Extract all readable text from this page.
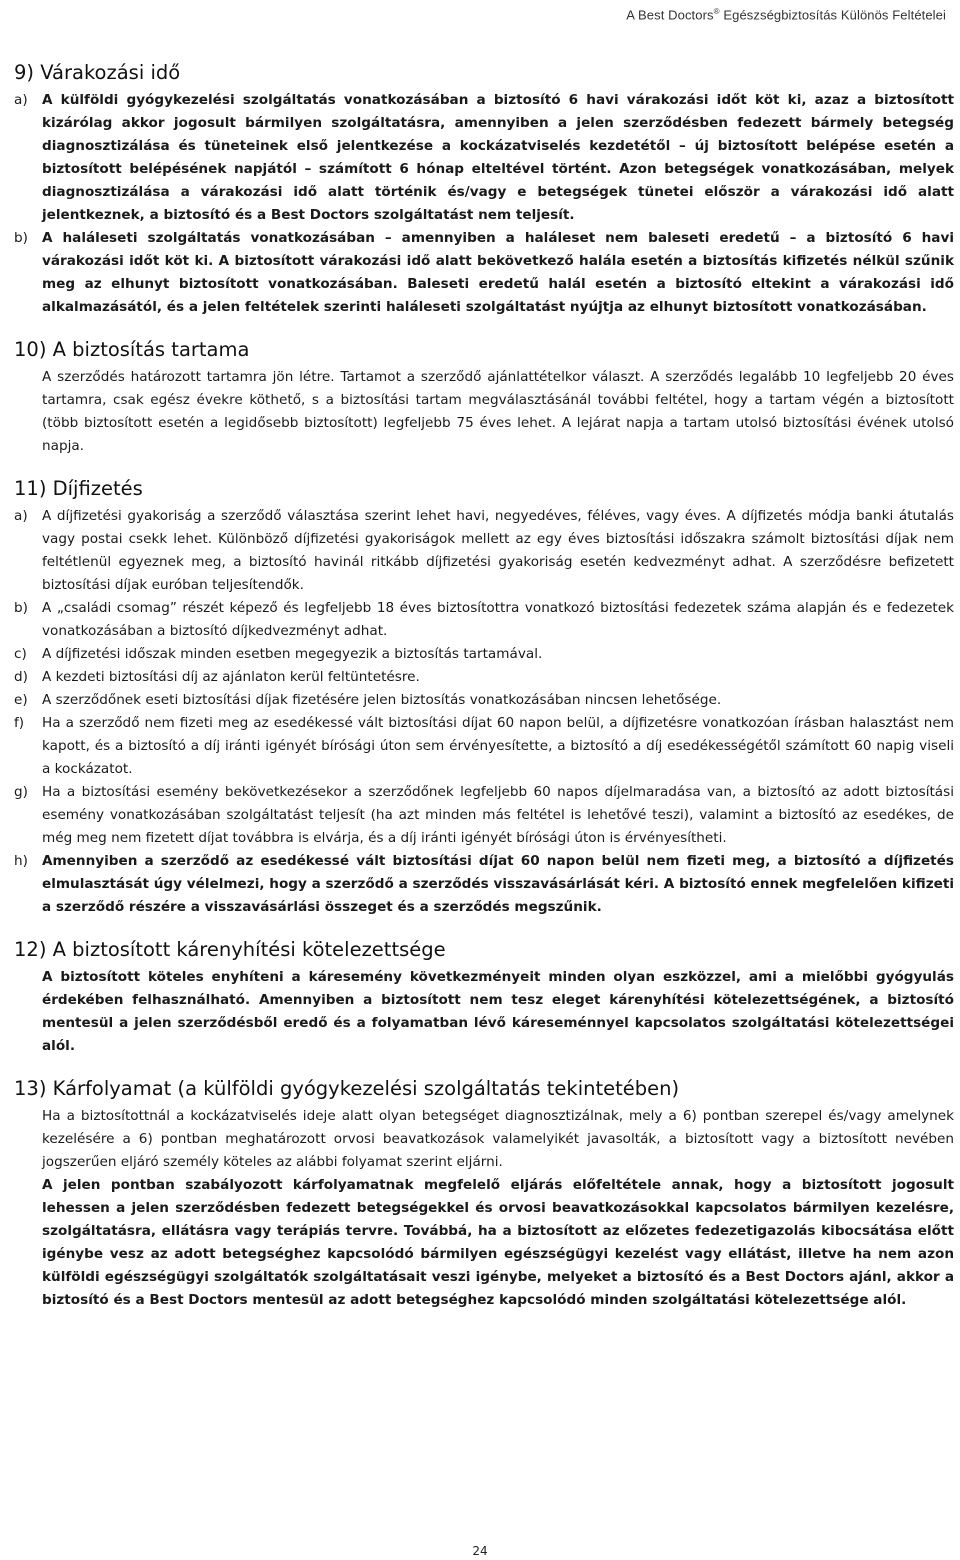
A Best Doctors® Egészségbiztosítás Különös Feltételei
9) Várakozási idő
a)	A külföldi gyógykezelési szolgáltatás vonatkozásában a biztosító 6 havi várakozási időt köt ki, azaz a biztosított kizárólag akkor jogosult bármilyen szolgáltatásra, amennyiben a jelen szerződésben fedezett bármely betegség diagnosztizálása és tüneteinek első jelentkezése a kockázatviselés kezdetétől – új biztosított belépése esetén a biztosított belépésének napjától – számított 6 hónap elteltével történt. Azon betegségek vonatkozásában, melyek diagnosztizálása a várakozási idő alatt történik és/vagy e betegségek tünetei először a várakozási idő alatt jelentkeznek, a biztosító és a Best Doctors szolgáltatást nem teljesít.
b)	A haláleseti szolgáltatás vonatkozásában – amennyiben a haláleset nem baleseti eredetű – a biztosító 6 havi várakozási időt köt ki. A biztosított várakozási idő alatt bekövetkező halála esetén a biztosítás kifizetés nélkül szűnik meg az elhunyt biztosított vonatkozásában. Baleseti eredetű halál esetén a biztosító eltekint a várakozási idő alkalmazásától, és a jelen feltételek szerinti haláleseti szolgáltatást nyújtja az elhunyt biztosított vonatkozásában.
10) A biztosítás tartama
A szerződés határozott tartamra jön létre. Tartamot a szerződő ajánlattételkor választ. A szerződés legalább 10 legfeljebb 20 éves tartamra, csak egész évekre köthető, s a biztosítási tartam megválasztásánál további feltétel, hogy a tartam végén a biztosított (több biztosított esetén a legidősebb biztosított) legfeljebb 75 éves lehet. A lejárat napja a tartam utolsó biztosítási évének utolsó napja.
11) Díjfizetés
a)	A díjfizetési gyakoriság a szerződő választása szerint lehet havi, negyedéves, féléves, vagy éves. A díjfizetés módja banki átutalás vagy postai csekk lehet. Különböző díjfizetési gyakoriságok mellett az egy éves biztosítási időszakra számolt biztosítási díjak nem feltétlenül egyeznek meg, a biztosító havinál ritkább díjfizetési gyakoriság esetén kedvezményt adhat. A szerződésre befizetett biztosítási díjak euróban teljesítendők.
b)	A „családi csomag” részét képező és legfeljebb 18 éves biztosítottra vonatkozó biztosítási fedezetek száma alapján és e fedezetek vonatkozásában a biztosító díjkedvezményt adhat.
c)	A díjfizetési időszak minden esetben megegyezik a biztosítás tartamával.
d)	A kezdeti biztosítási díj az ajánlaton kerül feltüntetésre.
e)	A szerződőnek eseti biztosítási díjak fizetésére jelen biztosítás vonatkozásában nincsen lehetősége.
f)	Ha a szerződő nem fizeti meg az esedékessé vált biztosítási díjat 60 napon belül, a díjfizetésre vonatkozóan írásban halasztást nem kapott, és a biztosító a díj iránti igényét bírósági úton sem érvényesítette, a biztosító a díj esedékességétől számított 60 napig viseli a kockázatot.
g)	Ha a biztosítási esemény bekövetkezésekor a szerződőnek legfeljebb 60 napos díjelmaradása van, a biztosító az adott biztosítási esemény vonatkozásában szolgáltatást teljesít (ha azt minden más feltétel is lehetővé teszi), valamint a biztosító az esedékes, de még meg nem fizetett díjat továbbra is elvárja, és a díj iránti igényét bírósági úton is érvényesítheti.
h)	Amennyiben a szerződő az esedékessé vált biztosítási díjat 60 napon belül nem fizeti meg, a biztosító a díjfizetés elmulasztását úgy vélelmezi, hogy a szerződő a szerződés visszavásárlását kéri. A biztosító ennek megfelelően kifizeti a szerződő részére a visszavásárlási összeget és a szerződés megszűnik.
12) A biztosított kárenyhítési kötelezettsége
A biztosított köteles enyhíteni a káresemény következményeit minden olyan eszközzel, ami a mielőbbi gyógyulás érdekében felhasználható. Amennyiben a biztosított nem tesz eleget kárenyhítési kötelezettségének, a biztosító mentesül a jelen szerződésből eredő és a folyamatban lévő káreseménnyel kapcsolatos szolgáltatási kötelezettségei alól.
13) Kárfolyamat (a külföldi gyógykezelési szolgáltatás tekintetében)
Ha a biztosítottnál a kockázatviselés ideje alatt olyan betegséget diagnosztizálnak, mely a 6) pontban szerepel és/vagy amelynek kezelésére a 6) pontban meghatározott orvosi beavatkozások valamelyikét javasolták, a biztosított vagy a biztosított nevében jogszerűen eljáró személy köteles az alábbi folyamat szerint eljárni.
A jelen pontban szabályozott kárfolyamatnak megfelelő eljárás előfeltétele annak, hogy a biztosított jogosult lehessen a jelen szerződésben fedezett betegségekkel és orvosi beavatkozásokkal kapcsolatos bármilyen kezelésre, szolgáltatásra, ellátásra vagy terápiás tervre. Továbbá, ha a biztosított az előzetes fedezetigazolás kibocsátása előtt igénybe vesz az adott betegséghez kapcsolódó bármilyen egészségügyi kezelést vagy ellátást, illetve ha nem azon külföldi egészségügyi szolgáltatók szolgáltatásait veszi igénybe, melyeket a biztosító és a Best Doctors ajánl, akkor a biztosító és a Best Doctors mentesül az adott betegséghez kapcsolódó minden szolgáltatási kötelezettsége alól.
24
